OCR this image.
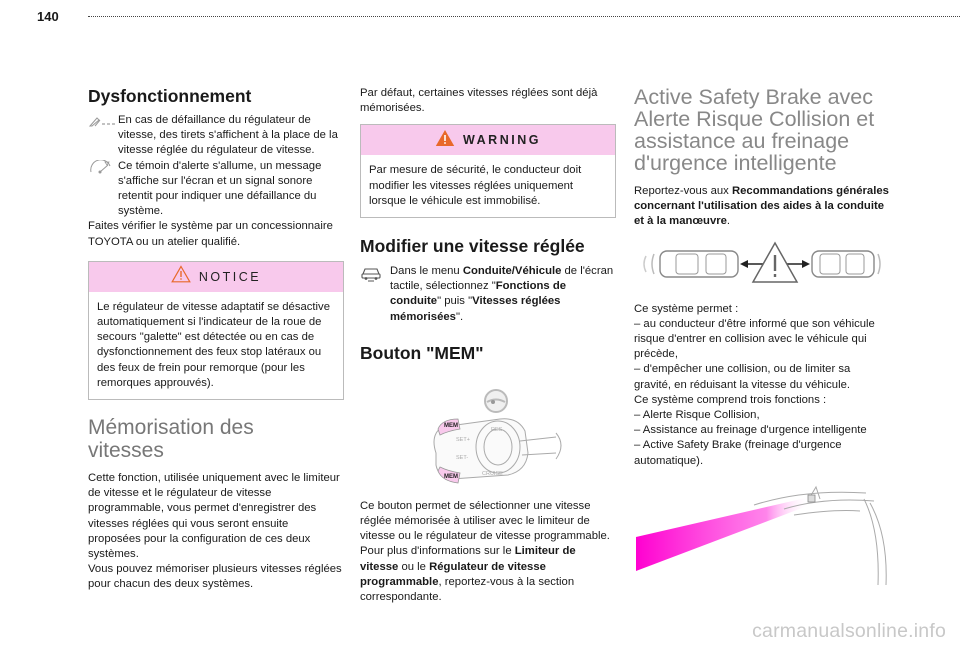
140
Dysfonctionnement

En cas de défaillance du régulateur de vitesse, des tirets s'affichent à la place de la vitesse réglée du régulateur de vitesse.

Ce témoin d'alerte s'allume, un message s'affiche sur l'écran et un signal sonore retentit pour indiquer une défaillance du système.

Faites vérifier le système par un concessionnaire TOYOTA ou un atelier qualifié.

NOTICE

Le régulateur de vitesse adaptatif se désactive automatiquement si l'indicateur de la roue de secours "galette" est détectée ou en cas de dysfonctionnement des feux stop latéraux ou des feux de frein pour remorque (pour les remorques approuvés).

Mémorisation des vitesses

Cette fonction, utilisée uniquement avec le limiteur de vitesse et le régulateur de vitesse programmable, vous permet d'enregistrer des vitesses réglées qui vous seront ensuite proposées pour la configuration de ces deux systèmes.

Vous pouvez mémoriser plusieurs vitesses réglées pour chacun des deux systèmes.

Par défaut, certaines vitesses réglées sont déjà mémorisées.

WARNING

Par mesure de sécurité, le conducteur doit modifier les vitesses réglées uniquement lorsque le véhicule est immobilisé.

Modifier une vitesse réglée

Dans le menu Conduite/Véhicule de l'écran tactile, sélectionnez "Fonctions de conduite" puis "Vitesses réglées mémorisées".

Bouton "MEM"
SET+
SET-
RES
CRUISE
MEM
MEM

Ce bouton permet de sélectionner une vitesse réglée mémorisée à utiliser avec le limiteur de vitesse ou le régulateur de vitesse programmable.

Pour plus d'informations sur le Limiteur de vitesse ou le Régulateur de vitesse programmable, reportez-vous à la section correspondante.

Active Safety Brake avec Alerte Risque Collision et assistance au freinage d'urgence intelligente

Reportez-vous aux Recommandations générales concernant l'utilisation des aides à la conduite et à la manœuvre.

Ce système permet :

– au conducteur d'être informé que son véhicule risque d'entrer en collision avec le véhicule qui précède,

– d'empêcher une collision, ou de limiter sa gravité, en réduisant la vitesse du véhicule.

Ce système comprend trois fonctions :

– Alerte Risque Collision,

– Assistance au freinage d'urgence intelligente

– Active Safety Brake (freinage d'urgence automatique).

carmanualsonline.info
